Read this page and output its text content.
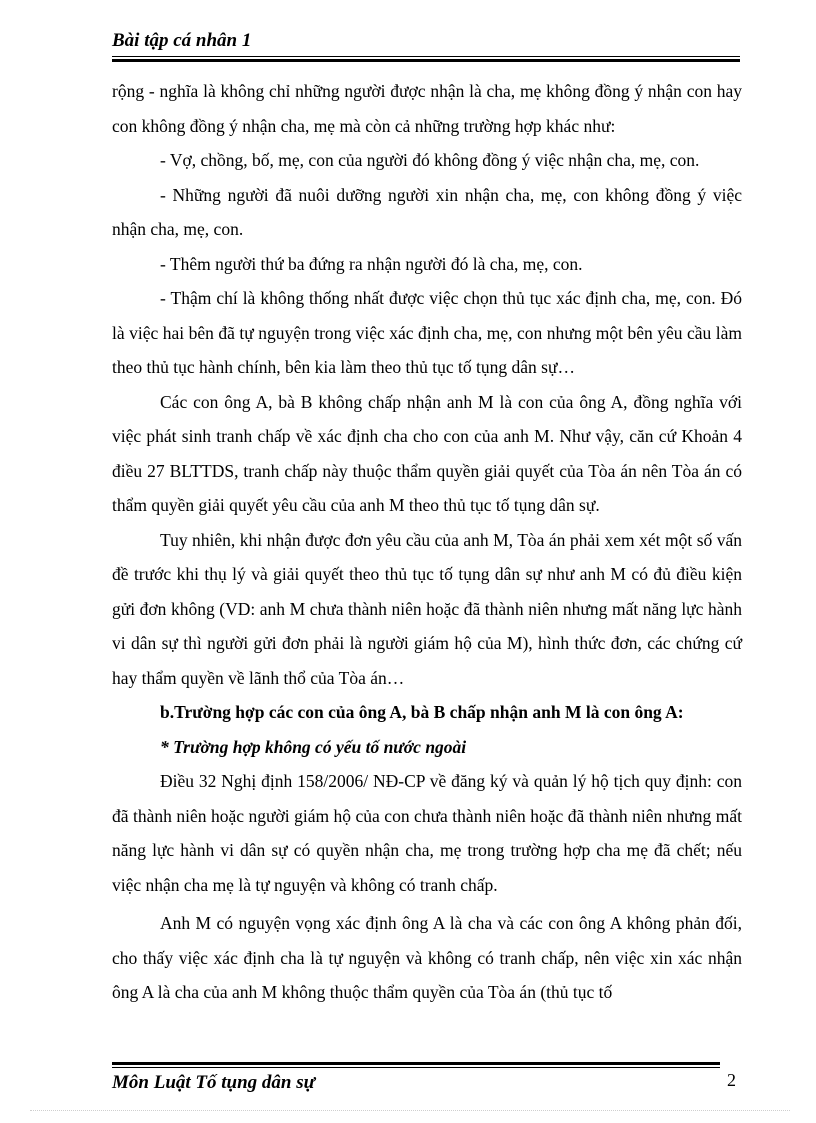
Bài tập cá nhân 1

rộng - nghĩa là không chỉ những người được nhận là cha, mẹ không đồng ý nhận con hay con không đồng ý nhận cha, mẹ mà còn cả những trường hợp khác như:

- Vợ, chồng, bố, mẹ, con của người đó không đồng ý việc nhận cha, mẹ, con.

- Những người đã nuôi dưỡng người xin nhận cha, mẹ, con không đồng ý việc nhận cha, mẹ, con.

- Thêm người thứ ba đứng ra nhận người đó là cha, mẹ, con.

- Thậm chí là không thống nhất được việc chọn thủ tục xác định cha, mẹ, con. Đó là việc hai bên đã tự nguyện trong việc xác định cha, mẹ, con nhưng một bên yêu cầu làm theo thủ tục hành chính, bên kia làm theo thủ tục tố tụng dân sự…

Các con ông A, bà B không chấp nhận anh M là con của ông A, đồng nghĩa với việc phát sinh tranh chấp về xác định cha cho con của anh M. Như vậy, căn cứ Khoản 4 điều 27 BLTTDS, tranh chấp này thuộc thẩm quyền giải quyết của Tòa án nên Tòa án có thẩm quyền giải quyết yêu cầu của anh M theo thủ tục tố tụng dân sự.

Tuy nhiên, khi nhận được đơn yêu cầu của anh M, Tòa án phải xem xét một số vấn đề trước khi thụ lý và giải quyết theo thủ tục tố tụng dân sự như anh M có đủ điều kiện gửi đơn không (VD: anh M chưa thành niên hoặc đã thành niên nhưng mất năng lực hành vi dân sự thì người gửi đơn phải là người giám hộ của M), hình thức đơn, các chứng cứ hay thẩm quyền về lãnh thổ của Tòa án…

b.Trường hợp các con của ông A, bà B chấp nhận anh M là con ông A:

* Trường hợp không có yếu tố nước ngoài

Điều 32 Nghị định 158/2006/ NĐ-CP về đăng ký và quản lý hộ tịch quy định: con đã thành niên hoặc người giám hộ của con chưa thành niên hoặc đã thành niên nhưng mất năng lực hành vi dân sự có quyền nhận cha, mẹ trong trường hợp cha mẹ đã chết; nếu việc nhận cha mẹ là tự nguyện và không có tranh chấp.

Anh M có nguyện vọng xác định ông A là cha và các con ông A không phản đối, cho thấy việc xác định cha là tự nguyện và không có tranh chấp, nên việc xin xác nhận ông A là cha của anh M không thuộc thẩm quyền của Tòa án (thủ tục tố

Môn Luật Tố tụng dân sự	2
